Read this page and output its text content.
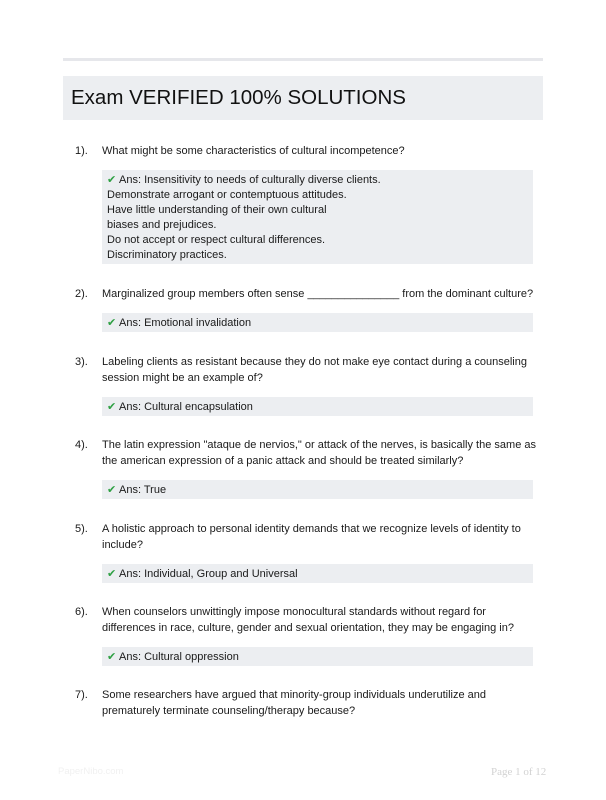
Exam VERIFIED 100% SOLUTIONS
1). What might be some characteristics of cultural incompetence?
✔ Ans: Insensitivity to needs of culturally diverse clients.
Demonstrate arrogant or contemptuous attitudes.
Have little understanding of their own cultural
biases and prejudices.
Do not accept or respect cultural differences.
Discriminatory practices.
2). Marginalized group members often sense _______________ from the dominant culture?
✔ Ans: Emotional invalidation
3). Labeling clients as resistant because they do not make eye contact during a counseling session might be an example of?
✔ Ans: Cultural encapsulation
4). The latin expression "ataque de nervios," or attack of the nerves, is basically the same as the american expression of a panic attack and should be treated similarly?
✔ Ans: True
5). A holistic approach to personal identity demands that we recognize levels of identity to include?
✔ Ans: Individual, Group and Universal
6). When counselors unwittingly impose monocultural standards without regard for differences in race, culture, gender and sexual orientation, they may be engaging in?
✔ Ans: Cultural oppression
7). Some researchers have argued that minority-group individuals underutilize and prematurely terminate counseling/therapy because?
PaperNibo.com	Page 1 of 12
